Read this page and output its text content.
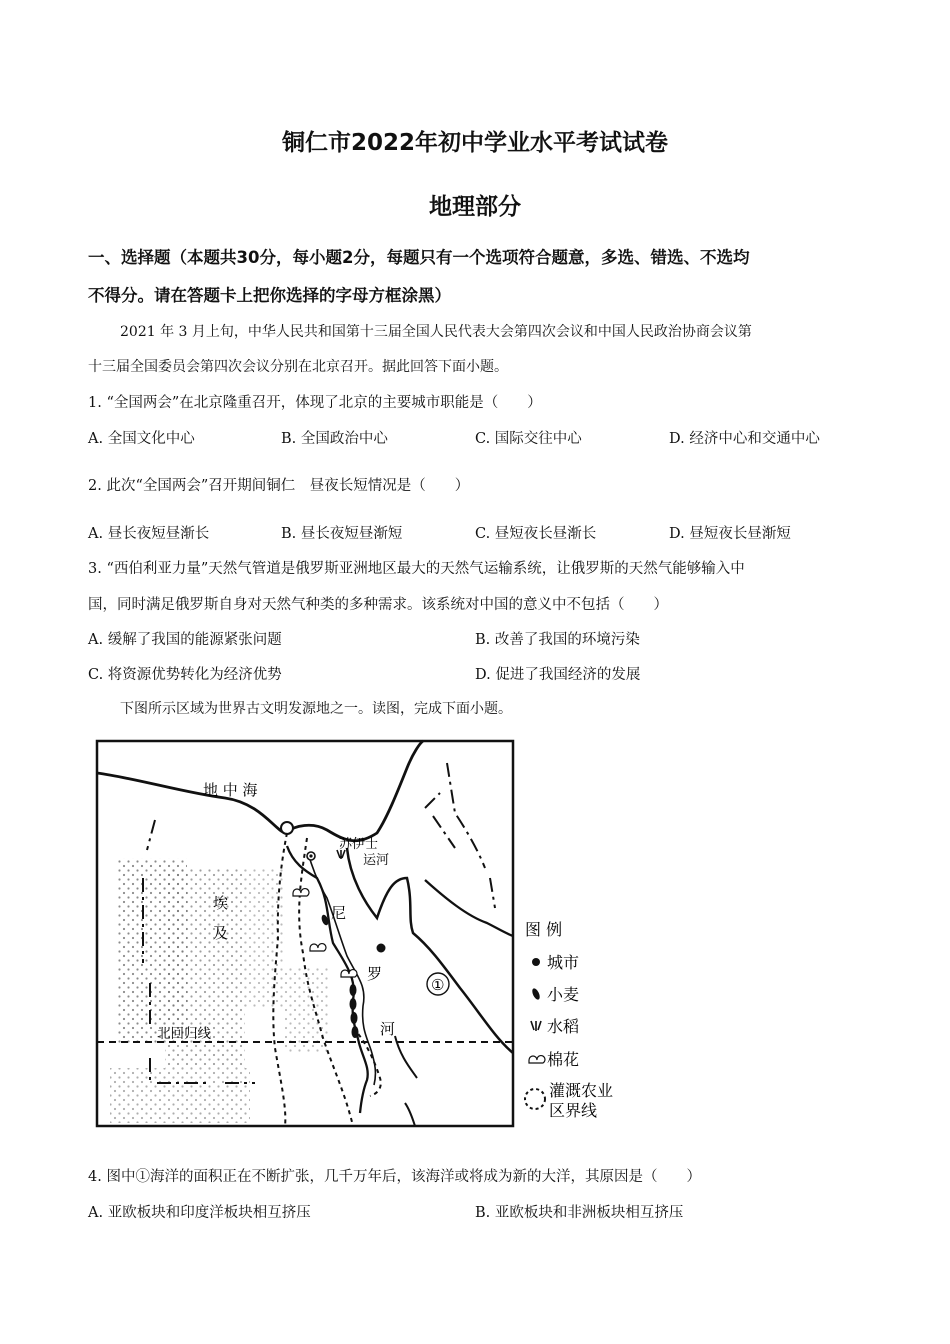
铜仁市2022年初中学业水平考试试卷
地理部分
一、选择题（本题共30分，每小题2分，每题只有一个选项符合题意，多选、错选、不选均
不得分。请在答题卡上把你选择的字母方框涂黑）
2021 年 3 月上旬，中华人民共和国第十三届全国人民代表大会第四次会议和中国人民政治协商会议第
十三届全国委员会第四次会议分别在北京召开。据此回答下面小题。
1. “全国两会”在北京隆重召开，体现了北京的主要城市职能是（　　）
A. 全国文化中心	B. 全国政治中心	C. 国际交往中心	D. 经济中心和交通中心
2. 此次“全国两会”召开期间铜仁　昼夜长短情况是（　　）
A. 昼长夜短昼渐长	B. 昼长夜短昼渐短	C. 昼短夜长昼渐长	D. 昼短夜长昼渐短
3. “西伯利亚力量”天然气管道是俄罗斯亚洲地区最大的天然气运输系统，让俄罗斯的天然气能够输入中
国，同时满足俄罗斯自身对天然气种类的多种需求。该系统对中国的意义中不包括（　　）
A. 缓解了我国的能源紧张问题	B. 改善了我国的环境污染
C. 将资源优势转化为经济优势	D. 促进了我国经济的发展
下图所示区域为世界古文明发源地之一。读图，完成下面小题。
地 中 海
苏伊士
运河
埃
及
尼
罗
河
北回归线
①
图 例
城市
小麦
水稻
棉花
灌溉农业
区界线
4. 图中①海洋的面积正在不断扩张，几千万年后，该海洋或将成为新的大洋，其原因是（　　）
A. 亚欧板块和印度洋板块相互挤压	B. 亚欧板块和非洲板块相互挤压
